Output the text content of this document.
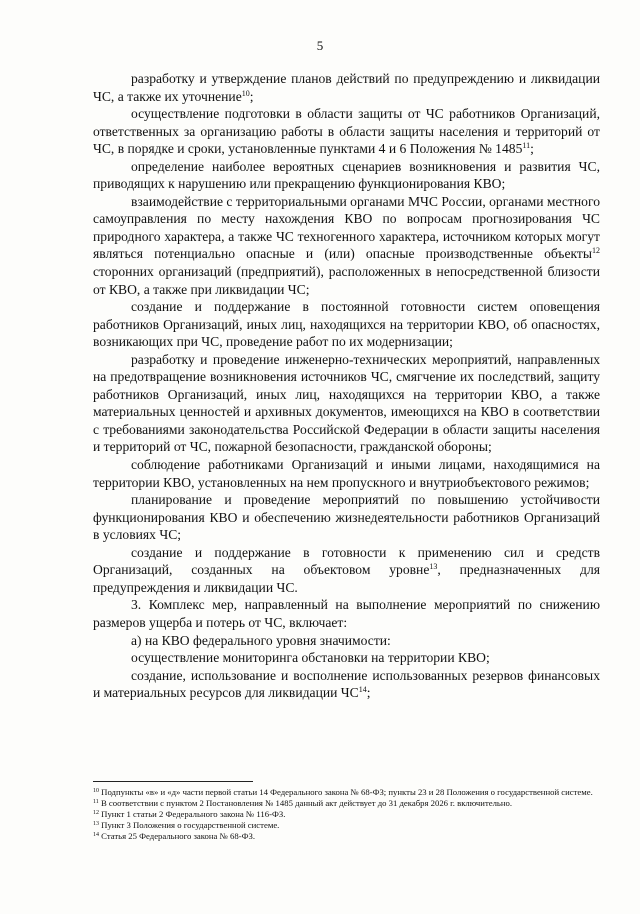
5

разработку и утверждение планов действий по предупреждению и ликвидации ЧС, а также их уточнение$^{10}$;

осуществление подготовки в области защиты от ЧС работников Организаций, ответственных за организацию работы в области защиты населения и территорий от ЧС, в порядке и сроки, установленные пунктами 4 и 6 Положения № 1485$^{11}$;

определение наиболее вероятных сценариев возникновения и развития ЧС, приводящих к нарушению или прекращению функционирования КВО;

взаимодействие с территориальными органами МЧС России, органами местного самоуправления по месту нахождения КВО по вопросам прогнозирования ЧС природного характера, а также ЧС техногенного характера, источником которых могут являться потенциально опасные и (или) опасные производственные объекты$^{12}$ сторонних организаций (предприятий), расположенных в непосредственной близости от КВО, а также при ликвидации ЧС;

создание и поддержание в постоянной готовности систем оповещения работников Организаций, иных лиц, находящихся на территории КВО, об опасностях, возникающих при ЧС, проведение работ по их модернизации;

разработку и проведение инженерно-технических мероприятий, направленных на предотвращение возникновения источников ЧС, смягчение их последствий, защиту работников Организаций, иных лиц, находящихся на территории КВО, а также материальных ценностей и архивных документов, имеющихся на КВО в соответствии с требованиями законодательства Российской Федерации в области защиты населения и территорий от ЧС, пожарной безопасности, гражданской обороны;

соблюдение работниками Организаций и иными лицами, находящимися на территории КВО, установленных на нем пропускного и внутриобъектового режимов;

планирование и проведение мероприятий по повышению устойчивости функционирования КВО и обеспечению жизнедеятельности работников Организаций в условиях ЧС;

создание и поддержание в готовности к применению сил и средств Организаций, созданных на объектовом уровне$^{13}$, предназначенных для предупреждения и ликвидации ЧС.

3. Комплекс мер, направленный на выполнение мероприятий по снижению размеров ущерба и потерь от ЧС, включает:

а) на КВО федерального уровня значимости:

осуществление мониторинга обстановки на территории КВО;

создание, использование и восполнение использованных резервов финансовых и материальных ресурсов для ликвидации ЧС$^{14}$;

$^{10}$ Подпункты «в» и «д» части первой статьи 14 Федерального закона № 68-ФЗ; пункты 23 и 28 Положения о государственной системе.

$^{11}$ В соответствии с пунктом 2 Постановления № 1485 данный акт действует до 31 декабря 2026 г. включительно.

$^{12}$ Пункт 1 статьи 2 Федерального закона № 116-ФЗ.

$^{13}$ Пункт 3 Положения о государственной системе.

$^{14}$ Статья 25 Федерального закона № 68-ФЗ.
